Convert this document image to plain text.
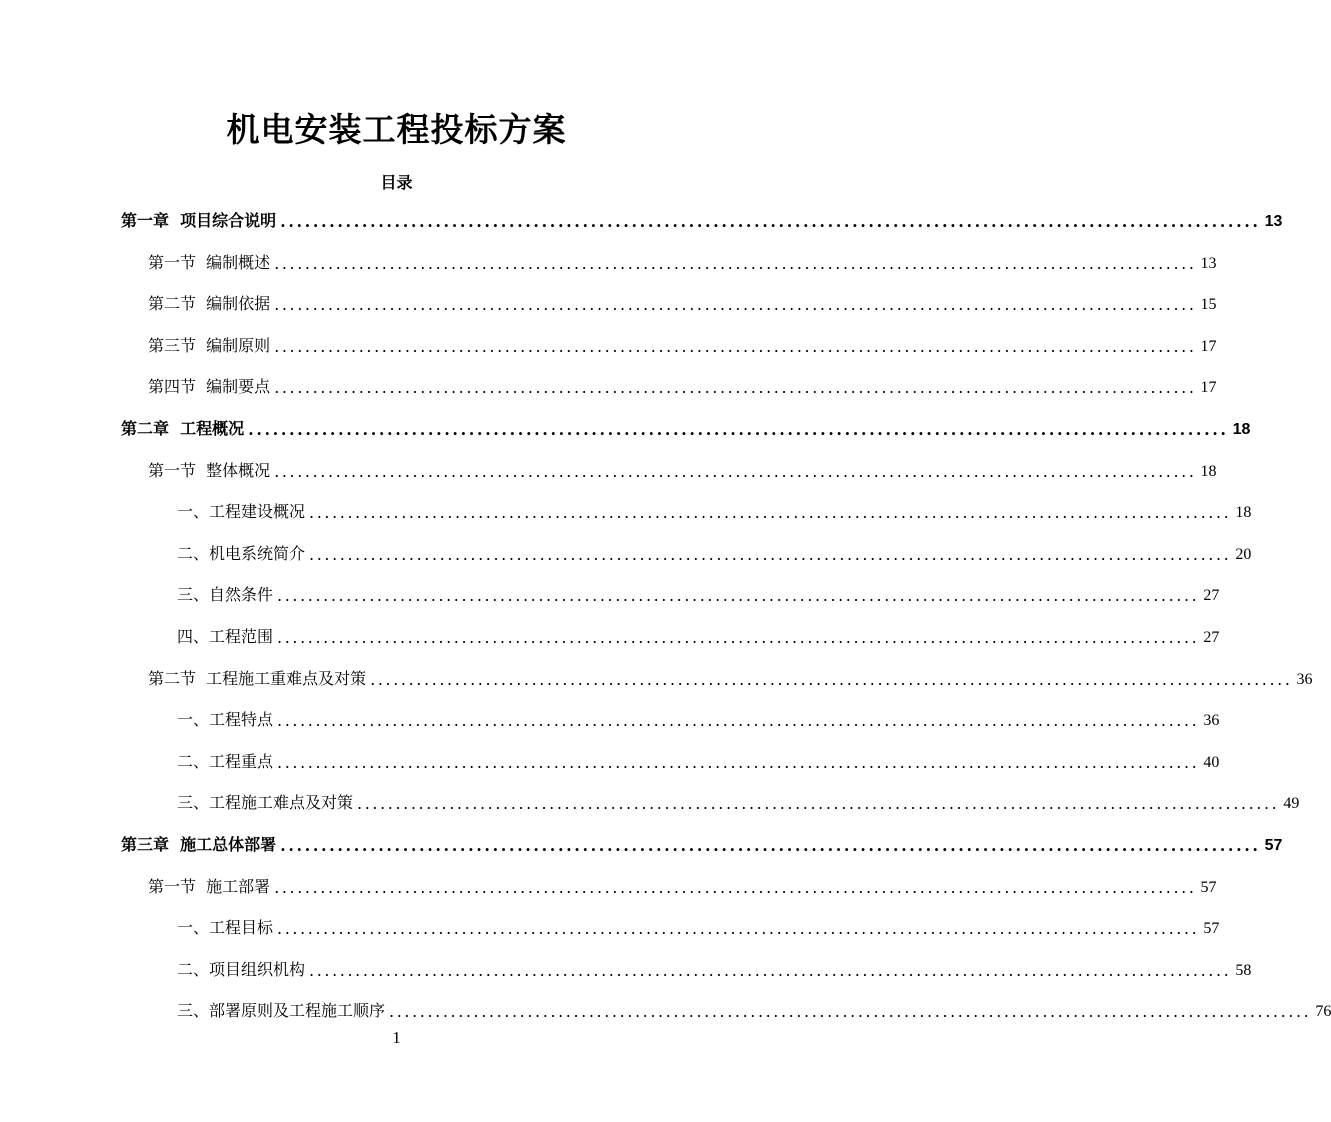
机电安装工程投标方案
目录
第一章  项目综合说明 ........................................................................................................................ 13
第一节  编制概述 ........................................................................................................................ 13
第二节  编制依据 ........................................................................................................................ 15
第三节  编制原则 ........................................................................................................................ 17
第四节  编制要点 ........................................................................................................................ 17
第二章  工程概况 ........................................................................................................................ 18
第一节  整体概况 ........................................................................................................................ 18
一、工程建设概况 ........................................................................................................................ 18
二、机电系统简介 ........................................................................................................................ 20
三、自然条件 ........................................................................................................................ 27
四、工程范围 ........................................................................................................................ 27
第二节  工程施工重难点及对策 ........................................................................................................................ 36
一、工程特点 ........................................................................................................................ 36
二、工程重点 ........................................................................................................................ 40
三、工程施工难点及对策 ........................................................................................................................ 49
第三章  施工总体部署 ........................................................................................................................ 57
第一节  施工部署 ........................................................................................................................ 57
一、工程目标 ........................................................................................................................ 57
二、项目组织机构 ........................................................................................................................ 58
三、部署原则及工程施工顺序 ........................................................................................................................ 76
1
